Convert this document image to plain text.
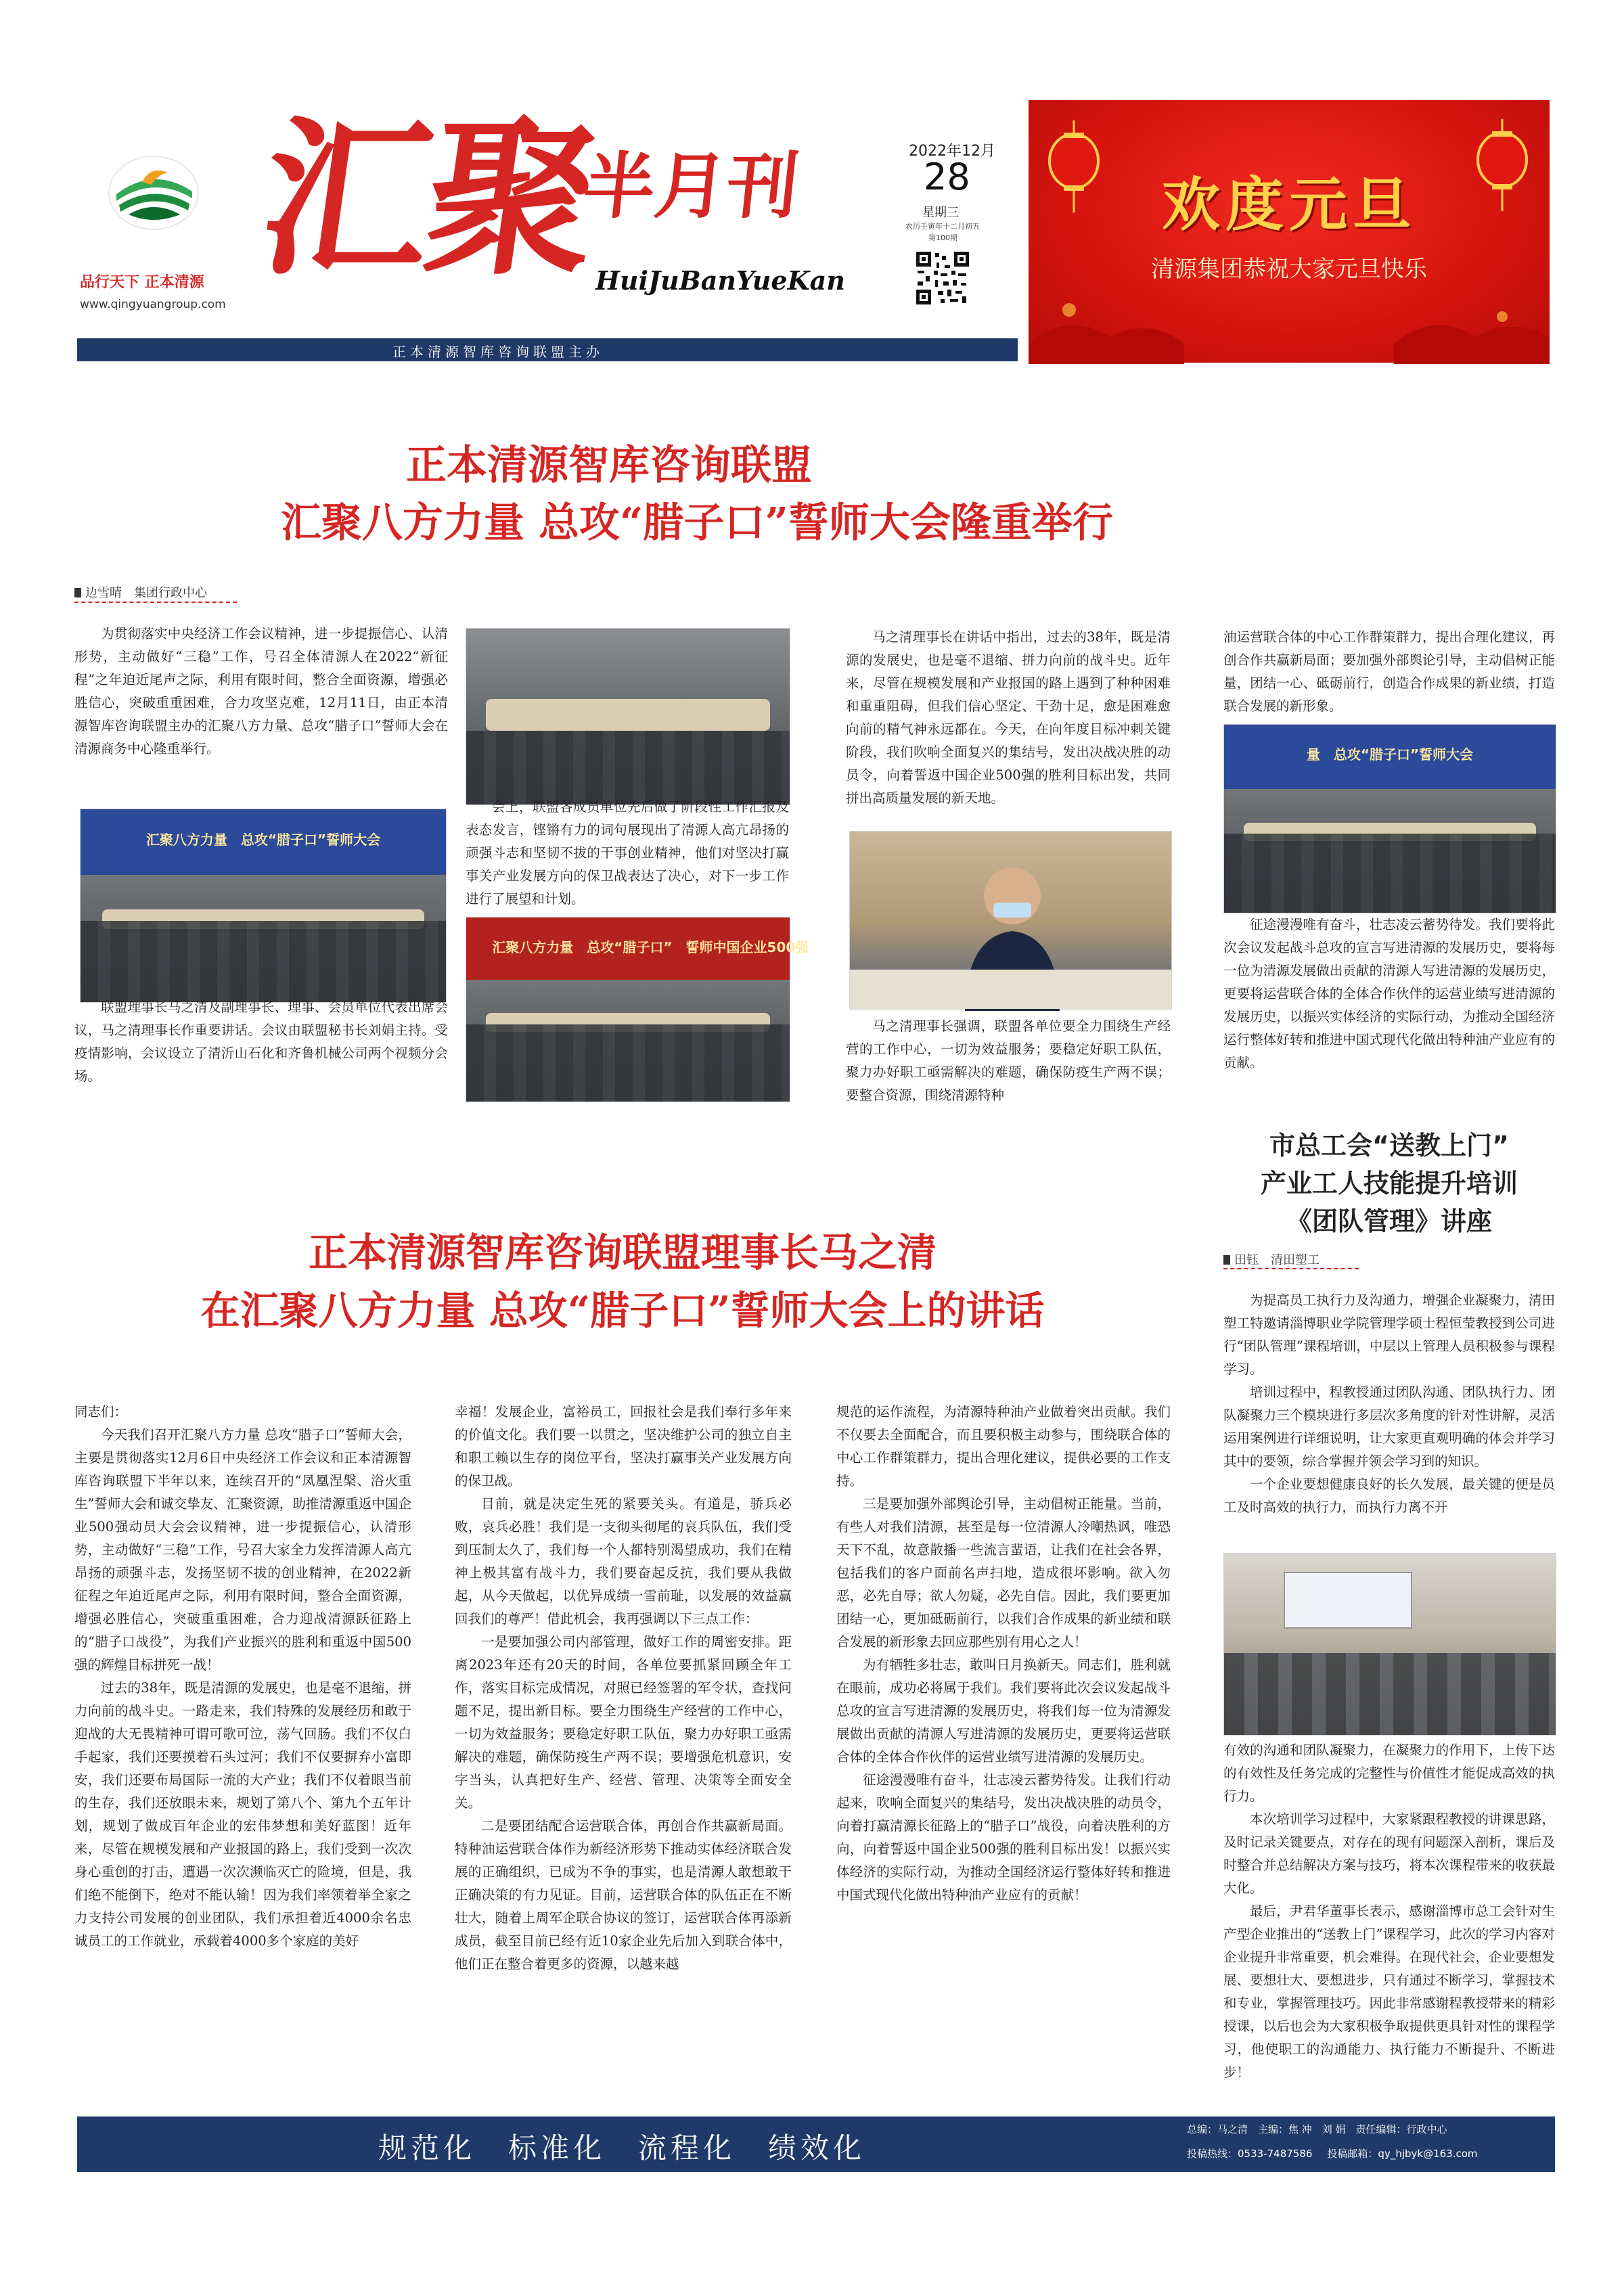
品行天下 正本清源
www.qingyuangroup.com
汇聚
半月刊
HuiJuBanYueKan
2022年12月
28
星期三
农历壬寅年十二月初五
第100期	欢度元旦
清源集团恭祝大家元旦快乐
正本清源智库咨询联盟主办
正本清源智库咨询联盟
汇聚八方力量 总攻“腊子口”誓师大会隆重举行
边雪晴　集团行政中心

为贯彻落实中央经济工作会议精神，进一步提振信心、认清形势，主动做好“三稳”工作，号召全体清源人在2022“新征程”之年迫近尾声之际，利用有限时间，整合全面资源，增强必胜信心，突破重重困难，合力攻坚克难，12月11日，由正本清源智库咨询联盟主办的汇聚八方力量、总攻“腊子口”誓师大会在清源商务中心隆重举行。

汇聚八方力量　总攻“腊子口”誓师大会

联盟理事长马之清及副理事长、理事、会员单位代表出席会议，马之清理事长作重要讲话。会议由联盟秘书长刘娟主持。受疫情影响，会议设立了清沂山石化和齐鲁机械公司两个视频分会场。

会上，联盟各成员单位先后做了阶段性工作汇报及表态发言，铿锵有力的词句展现出了清源人高亢昂扬的顽强斗志和坚韧不拔的干事创业精神，他们对坚决打赢事关产业发展方向的保卫战表达了决心，对下一步工作进行了展望和计划。

汇聚八方力量　总攻“腊子口”　誓师中国企业500强

马之清理事长在讲话中指出，过去的38年，既是清源的发展史，也是毫不退缩、拼力向前的战斗史。近年来，尽管在规模发展和产业报国的路上遇到了种种困难和重重阻碍，但我们信心坚定、干劲十足，愈是困难愈向前的精气神永远都在。今天，在向年度目标冲刺关键阶段，我们吹响全面复兴的集结号，发出决战决胜的动员令，向着誓返中国企业500强的胜利目标出发，共同拼出高质量发展的新天地。

马之清理事长强调，联盟各单位要全力围绕生产经营的工作中心，一切为效益服务；要稳定好职工队伍，聚力办好职工亟需解决的难题，确保防疫生产两不误；要整合资源，围绕清源特种

油运营联合体的中心工作群策群力，提出合理化建议，再创合作共赢新局面；要加强外部舆论引导，主动倡树正能量，团结一心、砥砺前行，创造合作成果的新业绩，打造联合发展的新形象。

量　总攻“腊子口”誓师大会

征途漫漫唯有奋斗，壮志凌云蓄势待发。我们要将此次会议发起战斗总攻的宣言写进清源的发展历史，要将每一位为清源发展做出贡献的清源人写进清源的发展历史，更要将运营联合体的全体合作伙伴的运营业绩写进清源的发展历史，以振兴实体经济的实际行动，为推动全国经济运行整体好转和推进中国式现代化做出特种油产业应有的贡献。

市总工会“送教上门”
产业工人技能提升培训
《团队管理》讲座
田钰　清田塑工

为提高员工执行力及沟通力，增强企业凝聚力，清田塑工特邀请淄博职业学院管理学硕士程恒莹教授到公司进行“团队管理”课程培训，中层以上管理人员积极参与课程学习。

培训过程中，程教授通过团队沟通、团队执行力、团队凝聚力三个模块进行多层次多角度的针对性讲解，灵活运用案例进行详细说明，让大家更直观明确的体会并学习其中的要领，综合掌握并领会学习到的知识。

一个企业要想健康良好的长久发展，最关键的便是员工及时高效的执行力，而执行力离不开

有效的沟通和团队凝聚力，在凝聚力的作用下，上传下达的有效性及任务完成的完整性与价值性才能促成高效的执行力。

本次培训学习过程中，大家紧跟程教授的讲课思路，及时记录关键要点，对存在的现有问题深入剖析，课后及时整合并总结解决方案与技巧，将本次课程带来的收获最大化。

最后，尹君华董事长表示，感谢淄博市总工会针对生产型企业推出的“送教上门”课程学习，此次的学习内容对企业提升非常重要，机会难得。在现代社会，企业要想发展、要想壮大、要想进步，只有通过不断学习，掌握技术和专业，掌握管理技巧。因此非常感谢程教授带来的精彩授课，以后也会为大家积极争取提供更具针对性的课程学习，他使职工的沟通能力、执行能力不断提升、不断进步！

正本清源智库咨询联盟理事长马之清
在汇聚八方力量 总攻“腊子口”誓师大会上的讲话

同志们：

今天我们召开汇聚八方力量 总攻“腊子口”誓师大会，主要是贯彻落实12月6日中央经济工作会议和正本清源智库咨询联盟下半年以来，连续召开的“凤凰涅槃、浴火重生”誓师大会和诚交挚友、汇聚资源，助推清源重返中国企业500强动员大会会议精神，进一步提振信心，认清形势，主动做好“三稳”工作，号召大家全力发挥清源人高亢昂扬的顽强斗志，发扬坚韧不拔的创业精神，在2022新征程之年迫近尾声之际，利用有限时间，整合全面资源，增强必胜信心，突破重重困难，合力迎战清源跃征路上的“腊子口战役”，为我们产业振兴的胜利和重返中国500强的辉煌目标拼死一战！

过去的38年，既是清源的发展史，也是毫不退缩，拼力向前的战斗史。一路走来，我们特殊的发展经历和敢于迎战的大无畏精神可谓可歌可泣，荡气回肠。我们不仅白手起家，我们还要摸着石头过河；我们不仅要摒弃小富即安，我们还要布局国际一流的大产业；我们不仅着眼当前的生存，我们还放眼未来，规划了第八个、第九个五年计划，规划了做成百年企业的宏伟梦想和美好蓝图！近年来，尽管在规模发展和产业报国的路上，我们受到一次次身心重创的打击，遭遇一次次濒临灭亡的险境，但是，我们绝不能倒下，绝对不能认输！因为我们率领着举全家之力支持公司发展的创业团队，我们承担着近4000余名忠诚员工的工作就业，承载着4000多个家庭的美好

幸福！发展企业，富裕员工，回报社会是我们奉行多年来的价值文化。我们要一以贯之，坚决维护公司的独立自主和职工赖以生存的岗位平台，坚决打赢事关产业发展方向的保卫战。

目前，就是决定生死的紧要关头。有道是，骄兵必败，哀兵必胜！我们是一支彻头彻尾的哀兵队伍，我们受到压制太久了，我们每一个人都特别渴望成功，我们在精神上极其富有战斗力，我们要奋起反抗，我们要从我做起，从今天做起，以优异成绩一雪前耻，以发展的效益赢回我们的尊严！借此机会，我再强调以下三点工作：

一是要加强公司内部管理，做好工作的周密安排。距离2023年还有20天的时间，各单位要抓紧回顾全年工作，落实目标完成情况，对照已经签署的军令状，查找问题不足，提出新目标。要全力围绕生产经营的工作中心，一切为效益服务；要稳定好职工队伍，聚力办好职工亟需解决的难题，确保防疫生产两不误；要增强危机意识，安字当头，认真把好生产、经营、管理、决策等全面安全关。

二是要团结配合运营联合体，再创合作共赢新局面。特种油运营联合体作为新经济形势下推动实体经济联合发展的正确组织，已成为不争的事实，也是清源人敢想敢干正确决策的有力见证。目前，运营联合体的队伍正在不断壮大，随着上周军企联合协议的签订，运营联合体再添新成员，截至目前已经有近10家企业先后加入到联合体中，他们正在整合着更多的资源，以越来越

规范的运作流程，为清源特种油产业做着突出贡献。我们不仅要去全面配合，而且要积极主动参与，围绕联合体的中心工作群策群力，提出合理化建议，提供必要的工作支持。

三是要加强外部舆论引导，主动倡树正能量。当前，有些人对我们清源，甚至是每一位清源人冷嘲热讽，唯恐天下不乱，故意散播一些流言蜚语，让我们在社会各界，包括我们的客户面前名声扫地，造成很坏影响。欲入勿恶，必先自辱；欲人勿疑，必先自信。因此，我们要更加团结一心，更加砥砺前行，以我们合作成果的新业绩和联合发展的新形象去回应那些别有用心之人！

为有牺牲多壮志，敢叫日月换新天。同志们，胜利就在眼前，成功必将属于我们。我们要将此次会议发起战斗总攻的宣言写进清源的发展历史，将我们每一位为清源发展做出贡献的清源人写进清源的发展历史，更要将运营联合体的全体合作伙伴的运营业绩写进清源的发展历史。

征途漫漫唯有奋斗，壮志凌云蓄势待发。让我们行动起来，吹响全面复兴的集结号，发出决战决胜的动员令，向着打赢清源长征路上的“腊子口”战役，向着决胜利的方向，向着誓返中国企业500强的胜利目标出发！以振兴实体经济的实际行动，为推动全国经济运行整体好转和推进中国式现代化做出特种油产业应有的贡献！

规范化　标准化　流程化　绩效化
总编：马之清　主编：焦 冲　刘 娟　责任编辑：行政中心
投稿热线：0533-7487586 投稿邮箱：qy_hjbyk@163.com
